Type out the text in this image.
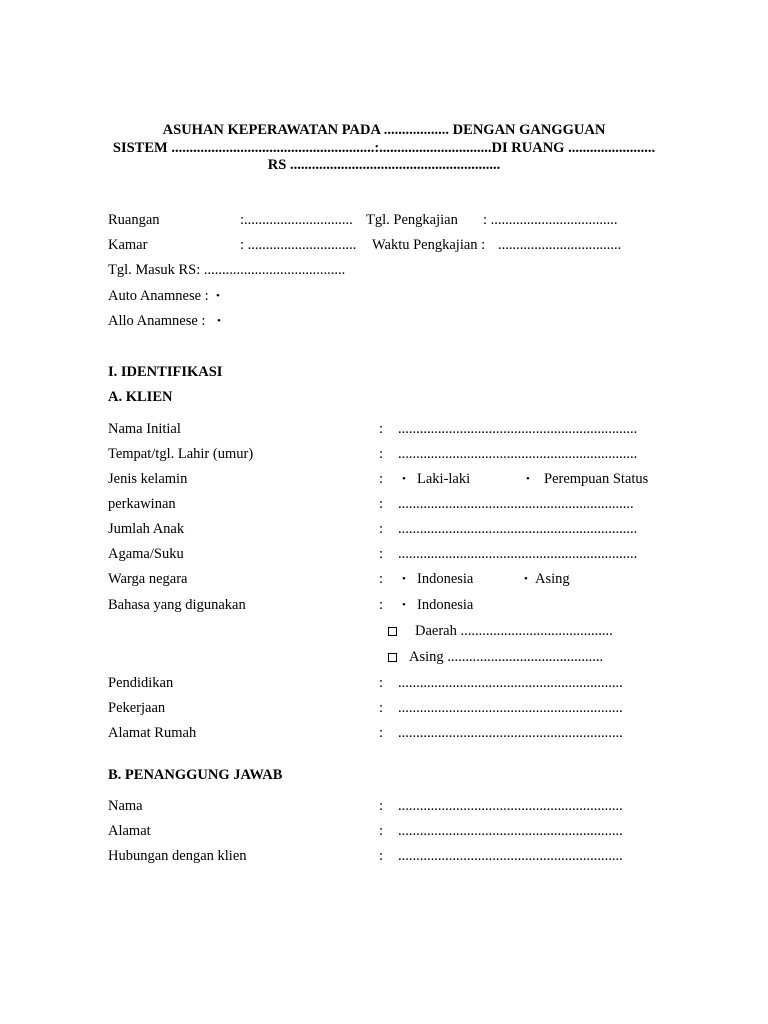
ASUHAN KEPERAWATAN PADA .................. DENGAN GANGGUAN
SISTEM ........................................................:...............................DI RUANG ........................
RS ..........................................................
Ruangan	:.............................. Tgl. Pengkajian : ...................................
Kamar	: .............................. Waktu Pengkajian : ..................................
Tgl. Masuk RS: .......................................
Auto Anamnese : •
Allo Anamnese : •
I. IDENTIFIKASI
A. KLIEN
Nama Initial	: ..................................................................
Tempat/tgl. Lahir (umur)	: ..................................................................
Jenis kelamin	: • Laki-laki	• Perempuan Status
perkawinan	: .................................................................
Jumlah Anak	: ..................................................................
Agama/Suku	: ..................................................................
Warga negara	: • Indonesia	• Asing
Bahasa yang digunakan	: • Indonesia
Daerah ..........................................
Asing ...........................................
Pendidikan	: ..............................................................
Pekerjaan	: ..............................................................
Alamat Rumah	: ..............................................................
B. PENANGGUNG JAWAB
Nama	: ..............................................................
Alamat	: ..............................................................
Hubungan dengan klien	: ..............................................................
